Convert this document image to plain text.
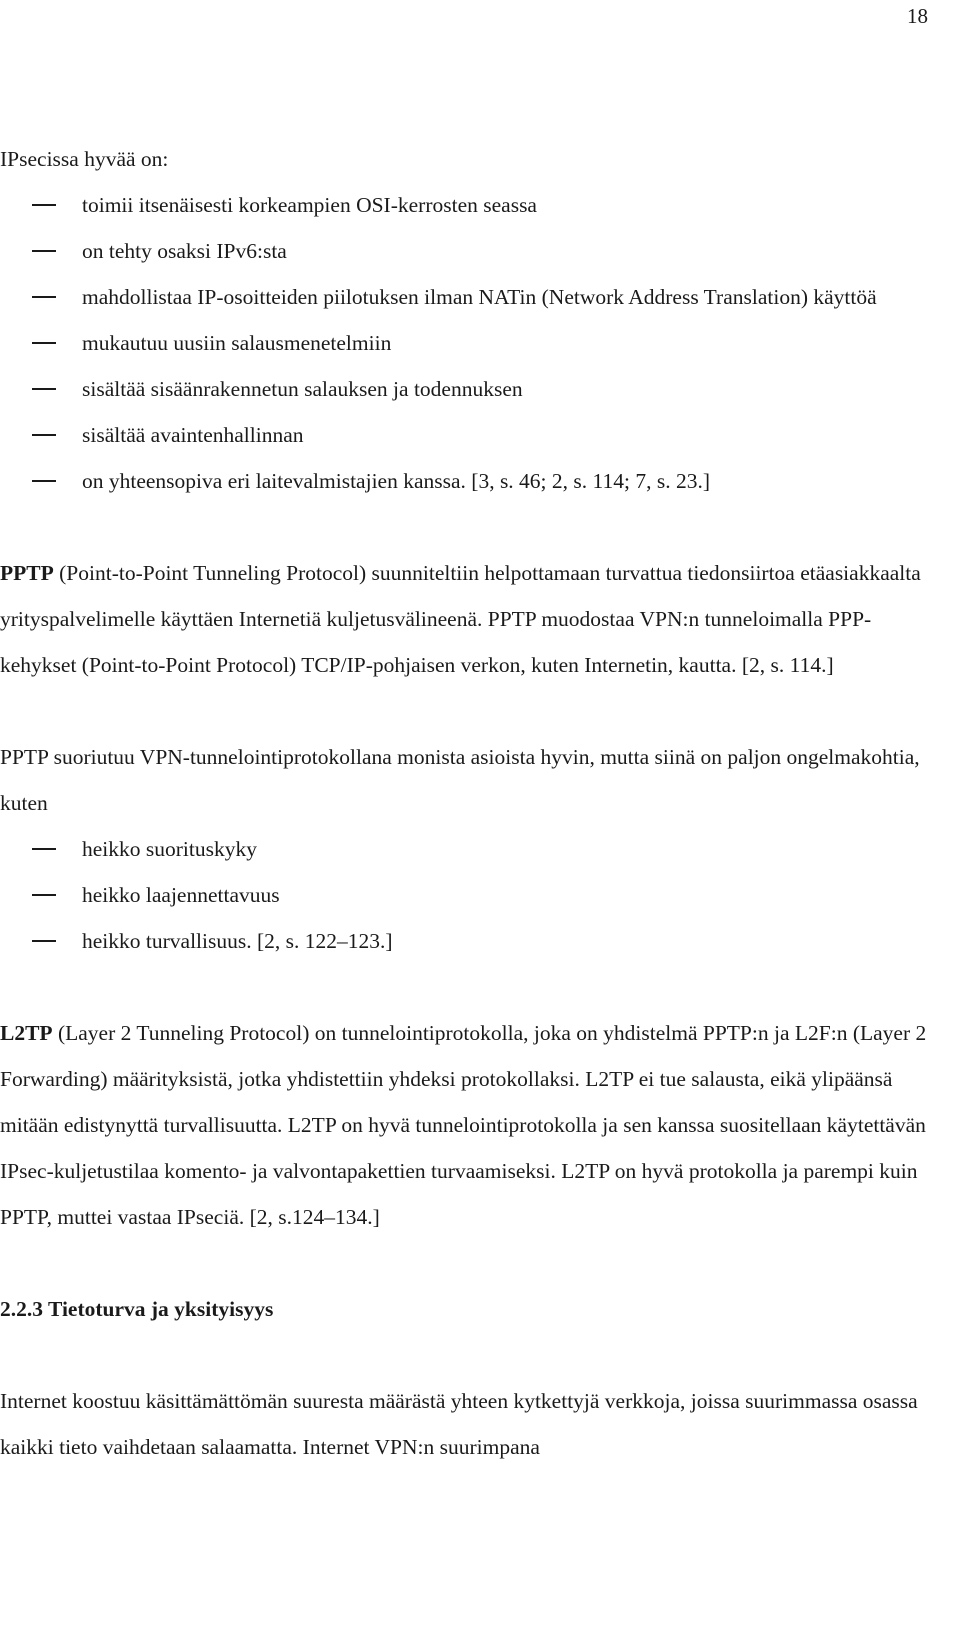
18

IPsecissa hyvää on:

toimii itsenäisesti korkeampien OSI-kerrosten seassa
on tehty osaksi IPv6:sta
mahdollistaa IP-osoitteiden piilotuksen ilman NATin (Network Address Translation) käyttöä
mukautuu uusiin salausmenetelmiin
sisältää sisäänrakennetun salauksen ja todennuksen
sisältää avaintenhallinnan
on yhteensopiva eri laitevalmistajien kanssa. [3, s. 46; 2, s. 114; 7, s. 23.]

PPTP (Point-to-Point Tunneling Protocol) suunniteltiin helpottamaan turvattua tiedonsiirtoa etäasiakkaalta yrityspalvelimelle käyttäen Internetiä kuljetusvälineenä. PPTP muodostaa VPN:n tunneloimalla PPP-kehykset (Point-to-Point Protocol) TCP/IP-pohjaisen verkon, kuten Internetin, kautta. [2, s. 114.]

PPTP suoriutuu VPN-tunnelointiprotokollana monista asioista hyvin, mutta siinä on paljon ongelmakohtia, kuten

heikko suorituskyky
heikko laajennettavuus
heikko turvallisuus. [2, s. 122–123.]

L2TP (Layer 2 Tunneling Protocol) on tunnelointiprotokolla, joka on yhdistelmä PPTP:n ja L2F:n (Layer 2 Forwarding) määrityksistä, jotka yhdistettiin yhdeksi protokollaksi. L2TP ei tue salausta, eikä ylipäänsä mitään edistynyttä turvallisuutta. L2TP on hyvä tunnelointiprotokolla ja sen kanssa suositellaan käytettävän IPsec-kuljetustilaa komento- ja valvontapakettien turvaamiseksi. L2TP on hyvä protokolla ja parempi kuin PPTP, muttei vastaa IPseciä. [2, s.124–134.]

2.2.3 Tietoturva ja yksityisyys

Internet koostuu käsittämättömän suuresta määrästä yhteen kytkettyjä verkkoja, joissa suurimmassa osassa kaikki tieto vaihdetaan salaamatta. Internet VPN:n suurimpana
